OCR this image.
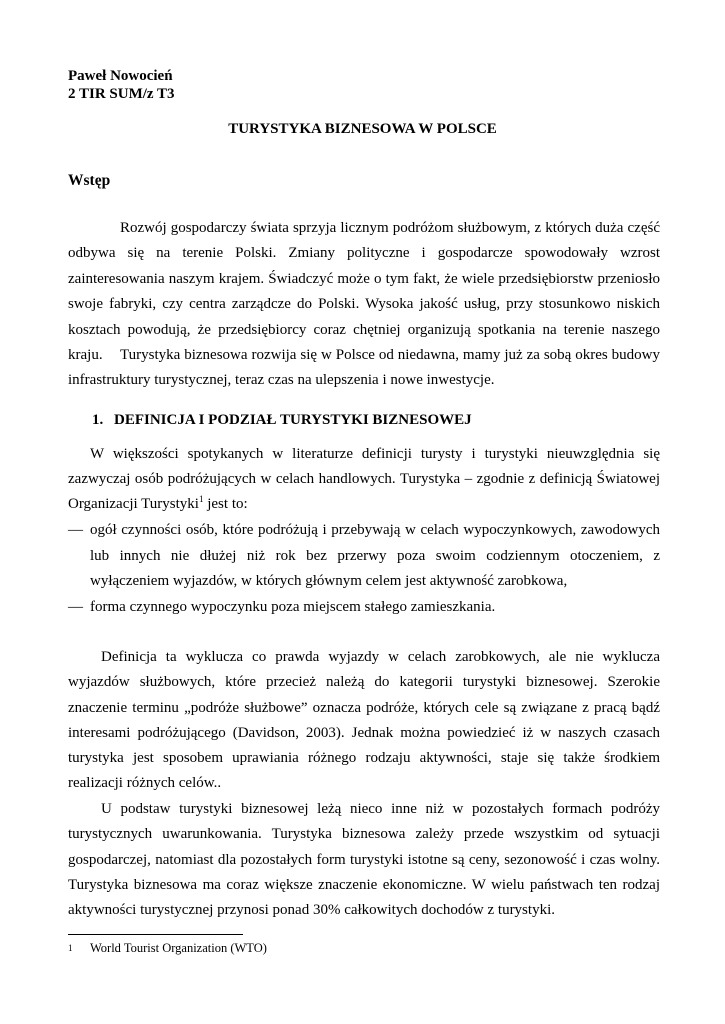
Paweł Nowocień
2 TIR SUM/z T3
TURYSTYKA BIZNESOWA W POLSCE
Wstęp

Rozwój gospodarczy świata sprzyja licznym podróżom służbowym, z których duża część odbywa się na terenie Polski. Zmiany polityczne i gospodarcze spowodowały wzrost zainteresowania naszym krajem. Świadczyć może o tym fakt, że wiele przedsiębiorstw przeniosło swoje fabryki, czy centra zarządcze do Polski. Wysoka jakość usług, przy stosunkowo niskich kosztach powodują, że przedsiębiorcy coraz chętniej organizują spotkania na terenie naszego kraju.	Turystyka biznesowa rozwija się w Polsce od niedawna, mamy już za sobą okres budowy infrastruktury turystycznej, teraz czas na ulepszenia i nowe inwestycje.

1. DEFINICJA I PODZIAŁ TURYSTYKI BIZNESOWEJ

W większości spotykanych w literaturze definicji turysty i turystyki nieuwzględnia się zazwyczaj osób podróżujących w celach handlowych. Turystyka – zgodnie z definicją Światowej Organizacji Turystyki$^1$ jest to:

— ogół czynności osób, które podróżują i przebywają w celach wypoczynkowych, zawodowych lub innych nie dłużej niż rok bez przerwy poza swoim codziennym otoczeniem, z wyłączeniem wyjazdów, w których głównym celem jest aktywność zarobkowa,
— forma czynnego wypoczynku poza miejscem stałego zamieszkania.

Definicja ta wyklucza co prawda wyjazdy w celach zarobkowych, ale nie wyklucza wyjazdów służbowych, które przecież należą do kategorii turystyki biznesowej. Szerokie znaczenie terminu „podróże służbowe” oznacza podróże, których cele są związane z pracą bądź interesami podróżującego (Davidson, 2003). Jednak można powiedzieć iż w naszych czasach turystyka jest sposobem uprawiania różnego rodzaju aktywności, staje się także środkiem realizacji różnych celów..

U podstaw turystyki biznesowej leżą nieco inne niż w pozostałych formach podróży turystycznych uwarunkowania. Turystyka biznesowa zależy przede wszystkim od sytuacji gospodarczej, natomiast dla pozostałych form turystyki istotne są ceny, sezonowość i czas wolny. Turystyka biznesowa ma coraz większe znaczenie ekonomiczne. W wielu państwach ten rodzaj aktywności turystycznej przynosi ponad 30% całkowitych dochodów z turystyki.

1 World Tourist Organization (WTO)
